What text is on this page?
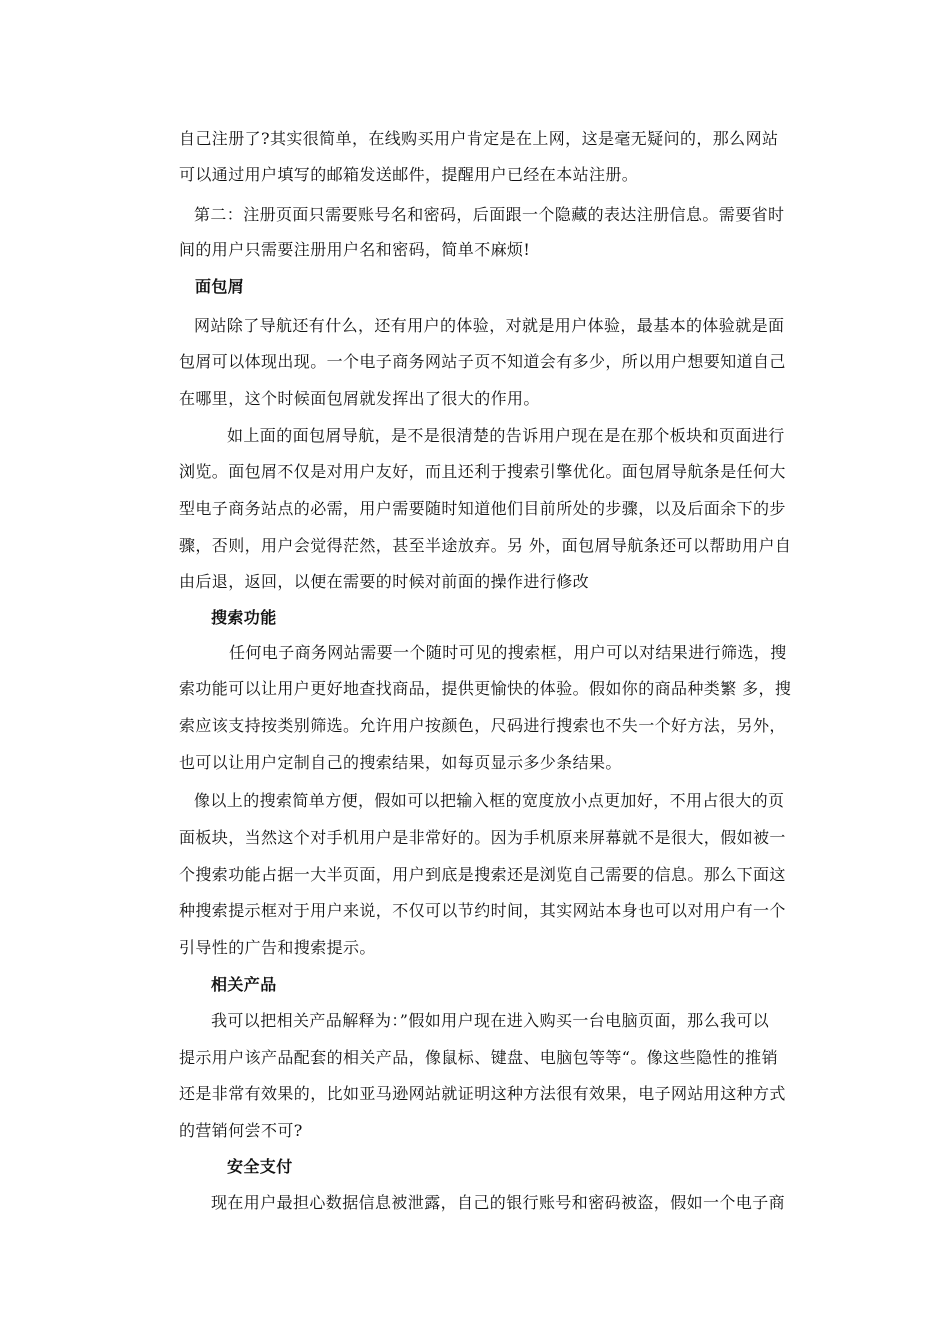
自己注册了?其实很简单，在线购买用户肯定是在上网，这是毫无疑问的，那么网站
可以通过用户填写的邮箱发送邮件，提醒用户已经在本站注册。
第二：注册页面只需要账号名和密码，后面跟一个隐藏的表达注册信息。需要省时
间的用户只需要注册用户名和密码，简单不麻烦!
面包屑
网站除了导航还有什么，还有用户的体验，对就是用户体验，最基本的体验就是面
包屑可以体现出现。一个电子商务网站子页不知道会有多少，所以用户想要知道自己
在哪里，这个时候面包屑就发挥出了很大的作用。
如上面的面包屑导航，是不是很清楚的告诉用户现在是在那个板块和页面进行
浏览。面包屑不仅是对用户友好，而且还利于搜索引擎优化。面包屑导航条是任何大
型电子商务站点的必需，用户需要随时知道他们目前所处的步骤，以及后面余下的步
骤，否则，用户会觉得茫然，甚至半途放弃。另 外，面包屑导航条还可以帮助用户自
由后退，返回，以便在需要的时候对前面的操作进行修改
搜索功能
任何电子商务网站需要一个随时可见的搜索框，用户可以对结果进行筛选，搜
索功能可以让用户更好地查找商品，提供更愉快的体验。假如你的商品种类繁 多，搜
索应该支持按类别筛选。允许用户按颜色，尺码进行搜索也不失一个好方法，另外，
也可以让用户定制自己的搜索结果，如每页显示多少条结果。
像以上的搜索简单方便，假如可以把输入框的宽度放小点更加好，不用占很大的页
面板块，当然这个对手机用户是非常好的。因为手机原来屏幕就不是很大，假如被一
个搜索功能占据一大半页面，用户到底是搜索还是浏览自己需要的信息。那么下面这
种搜索提示框对于用户来说，不仅可以节约时间，其实网站本身也可以对用户有一个
引导性的广告和搜索提示。
相关产品
我可以把相关产品解释为：”假如用户现在进入购买一台电脑页面，那么我可以
提示用户该产品配套的相关产品，像鼠标、键盘、电脑包等等“。像这些隐性的推销
还是非常有效果的，比如亚马逊网站就证明这种方法很有效果，电子网站用这种方式
的营销何尝不可?
安全支付
现在用户最担心数据信息被泄露，自己的银行账号和密码被盗，假如一个电子商
